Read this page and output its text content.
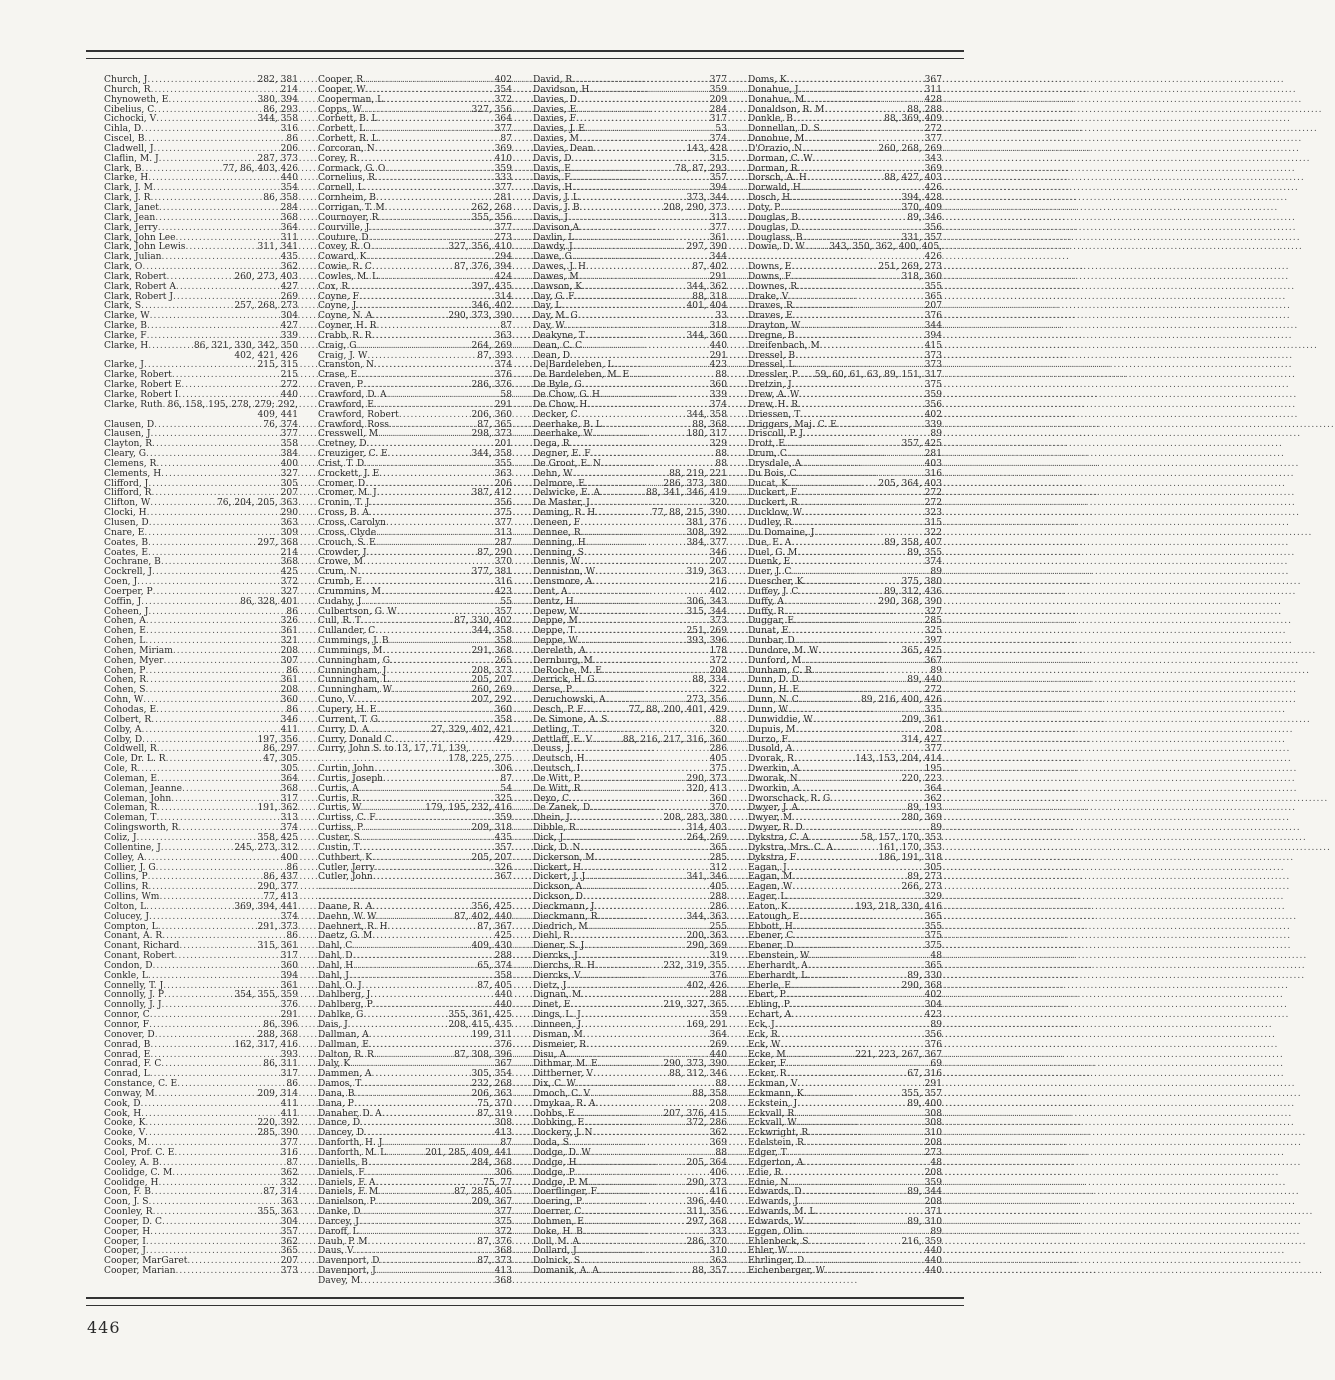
Church, J .....	282, 381
Church, R .....	214
Chynoweth, E .....	380, 394
Cibelius, C .....	86, 293
Cichocki, V .....	344, 358
Cihla, D .....	316
Ciscel, B .....	86
Cladwell, J .....	206
Claflin, M. J .....	287, 373
Clark, B .....	77, 86, 403, 426
Clarke, H .....	440
Clark, J. M .....	354
Clark, J. R .....	86, 358
Clark, Janet .....	284
Clark, Jean .....	368
Clark, Jerry .....	364
Clark, John Lee .....	311
Clark, John Lewis .....	311, 341
Clark, Julian .....	435
Clark, O .....	362
Clark, Robert .....	260, 273, 403
Clark, Robert A .....	427
Clark, Robert J .....	269
Clark, S .....	257, 268, 273
Clarke, W .....	304
Clarke, B .....	427
Clarke, F .....	339
Clarke, H .....	86, 321, 330, 342, 350
402, 421, 426
Clarke, J .....	215, 315
Clarke, Robert .....	215
Clarke, Robert E .....	272
Clarke, Robert I .....	440
Clarke, Ruth ..... 86, 158, 195, 278, 279; 292,
409, 441
Clausen, D .....	76, 374
Clausen, J .....	377
Clayton, R .....	358
Cleary, G .....	384
Clemens, R .....	400
Clements, H .....	327
Clifford, J .....	305
Clifford, R .....	207
Clifton, W .....	76, 204, 205, 363
Clocki, H .....	290
Clusen, D .....	363
Cnare, E .....	309
Coates, B .....	297, 368
Coates, E .....	214
Cochrane, B .....	368
Cockrell, J .....	425
Coen, J .....	372
Coerper, P .....	327
Coffin, J .....	86, 328, 401
Coheen, J .....	86
Cohen, A .....	326
Cohen, E .....	361
Cohen, L .....	321
Cohen, Miriam .....	208
Cohen, Myer .....	307
Cohen, P .....	86
Cohen, R .....	361
Cohen, S .....	208
Cohn, W .....	360
Cohodas, E .....	86
Colbert, R .....	346
Colby, A .....	411
Colby, D .....	197, 356
Coldwell, R .....	86, 297
Cole, Dr. L. R .....	47, 305
Cole, R .....	305
Coleman, E .....	364
Coleman, Jeanne .....	368
Coleman, John .....	317
Coleman, R .....	191, 362
Coleman, T .....	313
Colingsworth, R .....	374
Coliz, J .....	358, 425
Collentine, J .....	245, 273, 312
Colley, A .....	400
Collier, J. G .....	86
Collins, P .....	86, 437
Collins, R .....	290, 377
Collins, Wm .....	77, 413
Colton, L .....	369, 394, 441
Colucey, J .....	374
Compton, L .....	291, 373
Conant, A. R .....	86
Conant, Richard .....	315, 361
Conant, Robert .....	317
Condon, D .....	360
Conkle, L .....	394
Connelly, T. J .....	361
Connolly, J. P .....	354, 355, 359
Connolly, J. J .....	376
Connor, C .....	291
Connor, F .....	86, 396
Conover, D .....	288, 368
Conrad, B .....	162, 317, 416
Conrad, E .....	393
Conrad, F. C .....	86, 311
Conrad, L .....	317
Constance, C. E .....	86
Conway, M .....	209, 314
Cook, D .....	411
Cook, H .....	411
Cooke, K .....	220, 392
Cooke, V .....	285, 390
Cooks, M .....	377
Cool, Prof. C. E .....	316
Cooley, A. B .....	87
Coolidge, C. M .....	362
Coolidge, H .....	332
Coon, F. B .....	87, 314
Coon, J. S .....	363
Coonley, R .....	355, 363
Cooper, D. C .....	304
Cooper, H .....	357
Cooper, I .....	362
Cooper, J .....	365
Cooper, MarGaret .....	207
Cooper, Marian .....	373
Cooper, R .....	402
Cooper, W .....	354
Cooperman, L .....	372
Copps, W .....	327, 356
Corbett, B. L .....	364
Corbett, L .....	377
Corbett, R. L .....	87
Corcoran, N .....	369
Corey, R .....	410
Cormack, G. O .....	359
Cornelius, R .....	333
Cornell, L .....	377
Cornheim, B .....	281
Corrigan, T. M .....	262, 268
Cournoyer, R .....	355, 356
Courville, J .....	377
Couture, D .....	273
Covey, R. O .....	327, 356, 410
Coward, K .....	294
Cowie, R. C .....	87, 376, 394
Cowles, M. L .....	424
Cox, R .....	397, 435
Coyne, F .....	314
Coyne, J .....	346, 402
Coyne, N. A .....	290, 373, 390
Coyner, H. R .....	87
Crabb, R. R .....	363
Craig, G .....	264, 269
Craig, J. W .....	87, 393
Cranston, N .....	374
Crase, E .....	376
Craven, P .....	286, 376
Crawford, D. A .....	58
Crawford, E .....	291
Crawford, Robert .....	206, 360
Crawford, Ross .....	87, 365
Cresswell, M .....	298, 373
Cretney, D .....	201
Creuziger, C. E .....	344, 358
Crist, T. D .....	355
Crockett, J. E .....	363
Cromer, D .....	206
Cromer, M. J .....	387, 412
Cronin, T. J .....	356
Cross, B. A .....	375
Cross, Carolyn .....	377
Cross, Clyde .....	313
Crouch, S. E .....	287
Crowder, J .....	87, 290
Crowe, M .....	370
Crum, N .....	377, 381
Crumb, E .....	316
Crummins, M .....	423
Cudahy, J .....	55
Culbertson, G. W .....	357
Cull, R. T .....	87, 330, 402
Cullander, C .....	344, 358
Cummings, J. B .....	358
Cummings, M .....	291, 368
Cunningham, G .....	265
Cunningham, J .....	208, 373
Cunningham, L .....	205, 207
Cunningham, W .....	260, 269
Cuno, V .....	207, 292
Cupery, H. E .....	360
Current, T. G .....	358
Curry, D. A .....	27, 329, 402, 421
Curry, Donald C .....	429
Curry, John S. to 13, 17, 71, 139,
178, 225, 275
Curtin, John .....	306
Curtis, Joseph .....	87
Curtis, A .....	54
Curtis, R .....	325
Curtis, W .....	179, 195, 232, 416
Curtiss, C. F .....	359
Curtiss, P .....	209, 318
Custer, S .....	435
Custin, T .....	357
Cuthbert, K .....	205, 207
Cutler, Jerry .....	326
Cutler, John .....	367
.....
.....
Daane, R. A .....	356, 425
Daehn, W. W .....	87, 402, 440
Daehnert, R. H .....	87, 367
Daetz, G. M .....	425
Dahl, C .....	409, 430
Dahl, D .....	288
Dahl, H .....	65, 374
Dahl, J .....	358
Dahl, O. J .....	87, 405
Dahlberg, J .....	440
Dahlberg, P .....	440
Dahlke, G .....	355, 361, 425
Dais, J .....	208, 415, 435
Dallman, A .....	199, 311
Dallman, E .....	376
Dalton, R. R .....	87, 308, 396
Daly, K .....	367
Dammen, A .....	305, 354
Damos, T .....	232, 268
Dana, B .....	206, 363
Dana, P .....	75, 370
Danaher, D. A .....	87, 319
Dance, D .....	308
Dancey, D .....	413
Danforth, H. J .....	87
Danforth, M. L .....	201, 285, 409, 441
Daniells, B .....	284, 368
Daniels, F .....	306
Daniels, F. A .....	75, 77
Daniels, F. M .....	87, 285, 405
Danielson, P .....	209, 367
Danke, D .....	377
Darcey, J .....	375
Daroff, L .....	372
Daub, P. M .....	87, 376
Daus, V .....	368
Davenport, D .....	87, 373
Davenport, J .....	413
Davey, M .....	368
David, R .....	377
Davidson, H .....	359
Davies, D .....	209
Davies, E .....	284
Davies, F .....	317
Davies, J. E .....	53
Davies, M .....	374
Davies, Dean .....	143, 428
Davis, D .....	315
Davis, E .....	78, 87, 293
Davis, F .....	357
Davis, H .....	394
Davis, J. L .....	373, 344
Davis, J. B .....	208, 290, 373
Davis, J .....	313
Davison,A .....	377
Davlin, L .....	361
Dawdy, J .....	297, 390
Dawe, G .....	344
Dawes, J. H .....	87, 402
Dawes, M .....	291
Dawson, K .....	344, 362
Day, G. F .....	88, 318
Day, L .....	401, 404
Day, M. G .....	33
Day, W .....	318
Deakyne, T .....	344, 360
Dean, C. C .....	440
Dean, D .....	291
De|Bardeleben, L .....	423
De Bardeleben, M. E .....	88
De Byle, G .....	360
De Chow, G. H .....	339
De Chow, H .....	374
Decker, C .....	344, 358
Deerhake, B. L .....	88, 368
Deerhake, W .....	180, 317
Dega, R .....	329
Degner, E. F .....	88
De Groot, E. N .....	88
Dehn, W .....	88, 219, 221
Delmore, E .....	286, 373, 380
Delwicke, E. A .....	88, 341, 346, 419
De Master, J .....	320
Deming, R. H .....	77, 88, 215, 390
Deneen, F .....	381, 376
Dennee, R .....	308, 392
Denning, H .....	384, 377
Denning, S .....	346
Dennis, W .....	207
Denniston, W .....	319, 363
Densmore, A .....	216
Dent, A .....	402
Dentz, H .....	306, 343
Depew, W .....	315, 344
Deppe, M .....	373
Deppe, T .....	251, 269
Deppe, W .....	393, 396
Dereleth, A .....	178
Dernburg, M .....	372
DeRoche, M. E .....	208
Derrick, H. G .....	88, 334
Derse, P .....	322
Deruchowski, A .....	273, 356
Desch, P. F .....	77, 88, 200, 401, 429
De Simone, A. S .....	88
Detling, T .....	320
Dettlaff, E. V .....	88, 216, 217, 316, 360
Deuss, J .....	286
Deutsch, H .....	405
Deutsch, I .....	375
De Witt, P .....	290, 373
De Witt, R .....	320, 413
Deyo, C .....	360
De Zanek, D .....	370
Dhein, J .....	208, 283, 380
Dibble, R .....	314, 403
Dick, J .....	264, 269
Dick, D. N .....	365
Dickerson, M .....	285
Dickert, H .....	312
Dickert, J. J .....	341, 346
Dickson, A .....	405
Dickson, D .....	288
Dieckmann, J .....	286
Dieckmann, R .....	344, 363
Diedrich, M .....	255
Diehl, R .....	200, 363
Diener, S. J .....	290, 369
Diercks, J .....	319
Dierchs, R. H .....	232, 319, 355
Diercks, V .....	376
Dietz, J .....	402, 426
Dignan, M .....	288
Dinet, E .....	219, 327, 365
Dings, L. J .....	359
Dinneen, J .....	169, 291
Disman, M .....	364
Dismeier, R .....	269
Disu, A .....	440
Dithmar, M. E .....	290, 373, 390
Dittberner, V .....	88, 312, 346
Dix, C. W .....	88
Dmoch, C. V .....	88, 358
Dmykaa, R. A .....	208
Dobbs, E .....	207, 376, 415
Dobking, E .....	372, 286
Dockery, J. N .....	362
Doda, S .....	369
Dodge, D. W .....	88
Dodge, H .....	205, 364
Dodge, P .....	406
Dodge, P. M .....	290, 373
Doerflinger, F .....	416
Doering, P .....	396, 440
Doerrer, C .....	311, 356
Dohmen, E .....	297, 368
Doke, H. B .....	333
Doll, M. A .....	286, 370
Dollard, J .....	310
Dolnick, S .....	363
Domanik, A. A .....	88, 357
Doms, K .....	367
Donahue, J .....	311
Donahue, M .....	428
Donaldson, R. M .....	88, 288
Donkle, B .....	88, 369, 409
Donnellan, D. S .....	272
Donohue, M .....	377
D'Orazio, N .....	260, 268, 269
Dorman, C. W .....	343
Dorman, R .....	369
Dorsch, A. H .....	88, 427, 403
Dorwald, H .....	426
Dosch, H .....	394, 428
Doty, P .....	370, 409
Douglas, B .....	89, 346
Douglas, D .....	356
Douglass, B .....	331, 357
Dowie, D. W .....	343, 350, 362, 400, 405,
426
Downs, E .....	251, 269, 273
Downs, F .....	318, 360
Downes, R .....	355
Drake, V .....	365
Draves, R .....	207
Draves, E .....	376
Drayton, W .....	344
Dregne, B .....	394
Dreifenbach, M .....	415
Dressel, B .....	373
Dressel, L .....	373
Dressler, P ..... 59, 60, 61, 63, 89, 151, 317
Dretzin, J .....	375
Drew, A. W .....	359
Drew, H. R .....	356
Driessen, T .....	402
Driggers, Maj. C. E .....	339
Driscoll, P. J .....	89
Drott, E .....	357, 425
Drum, C .....	281
Drysdale, A .....	403
Du Bois, C .....	316
Ducat, K .....	205, 364, 403
Duckert, F .....	272
Duckert, R .....	272
Ducklow, W .....	323
Dudley, R .....	315
Du Domaine, J .....	322
Due, E. A .....	89, 358, 407
Duel, G. M .....	89, 355
Duenk, E .....	374
Duer, J. C .....	89
Duescher, K .....	375, 380
Duffey, J. C .....	89, 312, 436
Duffy, A .....	290, 368, 390
Duffy, R .....	327
Duggar, E .....	285
Dunat, E .....	325
Dunbar, D .....	397
Dundore, M. W .....	365, 425
Dunford, M .....	367
Dunham, C. R .....	89
Dunn, D. D .....	89, 440
Dunn, H. E .....	272
Dunn, N. C .....	89, 216, 400, 426
Dunn, W .....	335
Dunwiddie, W .....	209, 361
Dupuis, M .....	208
Durzo, F .....	314, 427
Dusold, A .....	377
Dvorak, R .....	143, 153, 204, 414
Dwerkin, A .....	195
Dworak, N .....	220, 223
Dworkin, A .....	364
Dworschack, R. G .....	362
Dwyer, J. A .....	89, 193
Dwyer, M .....	280, 369
Dwyer, R. D .....	89
Dykstra, C. A .....	58, 157, 170, 353
Dykstra, Mrs. C. A .....	161, 170, 353
Dykstra, F .....	186, 191, 318
Eagan, J .....	305
Eagan, M .....	89, 273
Eagen, W .....	266, 273
Eager, L .....	329
Eaton, K .....	193, 218, 330, 416
Eatough, E .....	365
Ebbott, H .....	355
Ebener, C .....	375
Ebener, D .....	375
Ebenstein, W .....	48
Eberhardt, A .....	365
Eberhardt, L .....	89, 330
Eberle, E .....	290, 368
Ebert, P .....	402
Ebling, P .....	304
Echart, A .....	423
Eck, J .....	89
Eck, R .....	356
Eck, W .....	376
Ecke, M .....	221, 223, 267, 367
Ecker, F .....	69
Ecker, R .....	67, 316
Eckman, V .....	291
Eckmann, K .....	355, 357
Eckstein, J .....	89, 400
Eckvall, R .....	308
Eckvall, W .....	308
Eckwright, R .....	310
Edelstein, R .....	208
Edger, T .....	273
Edgerton, A .....	48
Edie, R .....	208
Ednie, N .....	359
Edwards, D .....	89, 344
Edwards, J .....	208
Edwards, M. L .....	371
Edwards, W .....	89, 310
Eggen, Olin .....	89
Ehlenbeck, S .....	216, 359
Ehler, W .....	440
Ehrlinger, D .....	440
Eichenberger, W .....	440
446
